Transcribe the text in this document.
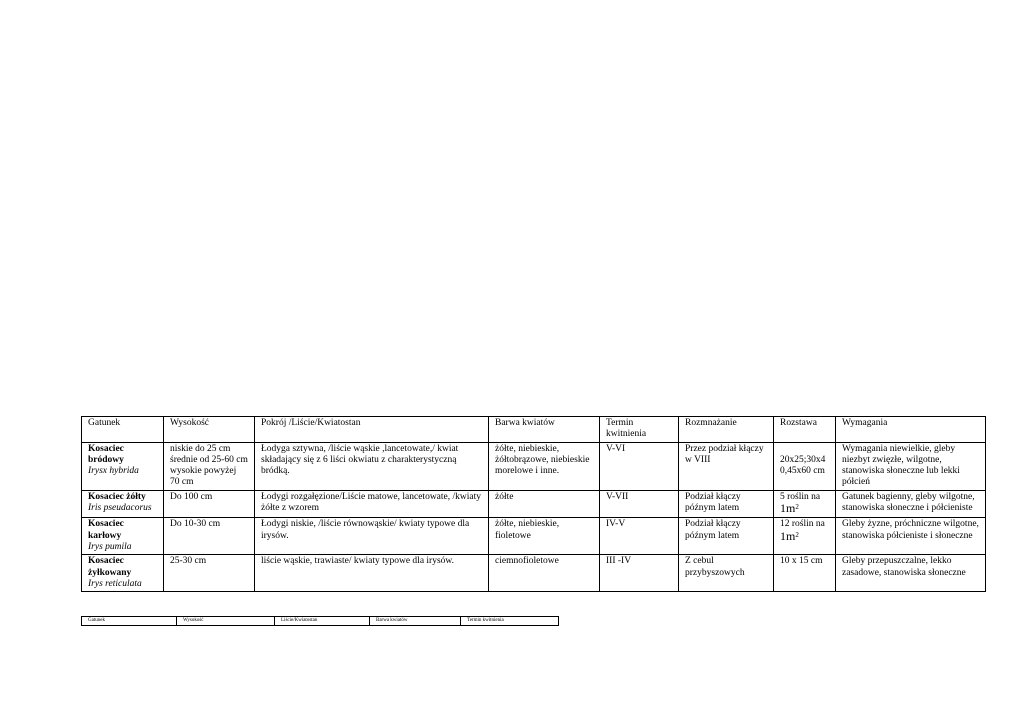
Gatunek	Wysokość	Pokrój /Liście/Kwiatostan	Barwa kwiatów	Termin kwitnienia	Rozmnażanie	Rozstawa	Wymagania

Kosaciec bródowy
Irysx hybrida	niskie do 25 cm
średnie od 25-60 cm
wysokie powyżej 70 cm	Łodyga sztywna, /liście wąskie ,lancetowate,/ kwiat składający się z 6 liści okwiatu z charakterystyczną bródką.	żółte, niebieskie, żółtobrązowe, niebieskie morelowe i inne.	V-VI	Przez podział kłączy w VIII	20x25;30x4
0,45x60 cm	Wymagania niewielkie, gleby niezbyt zwięzłe, wilgotne, stanowiska słoneczne lub lekki półcień

Kosaciec żółty
Iris pseudacorus	Do 100 cm	Łodygi rozgałęzione/Liście matowe, lancetowate, /kwiaty żółte z wzorem	żółte	V-VII	Podział kłączy późnym latem	5 roślin na
$1m^2$	Gatunek bagienny, gleby wilgotne, stanowiska słoneczne i półcieniste

Kosaciec karłowy
Irys pumila	Do 10-30 cm	Łodygi niskie, /liście równowąskie/ kwiaty typowe dla irysów.	żółte, niebieskie, fioletowe	IV-V	Podział kłączy późnym latem	12 roślin na
$1m^2$	Gleby żyzne, próchniczne wilgotne, stanowiska półcieniste i słoneczne

Kosaciec żyłkowany
Irys reticulata	25-30 cm	liście wąskie, trawiaste/ kwiaty typowe dla irysów.	ciemnofioletowe	III -IV	Z cebul przybyszowych	10 x 15 cm	Gleby przepuszczalne, lekko zasadowe, stanowiska słoneczne
Gatunek	Wysokość	Liście/Kwiatostan	Barwa kwiatów	Termin kwitnienia
